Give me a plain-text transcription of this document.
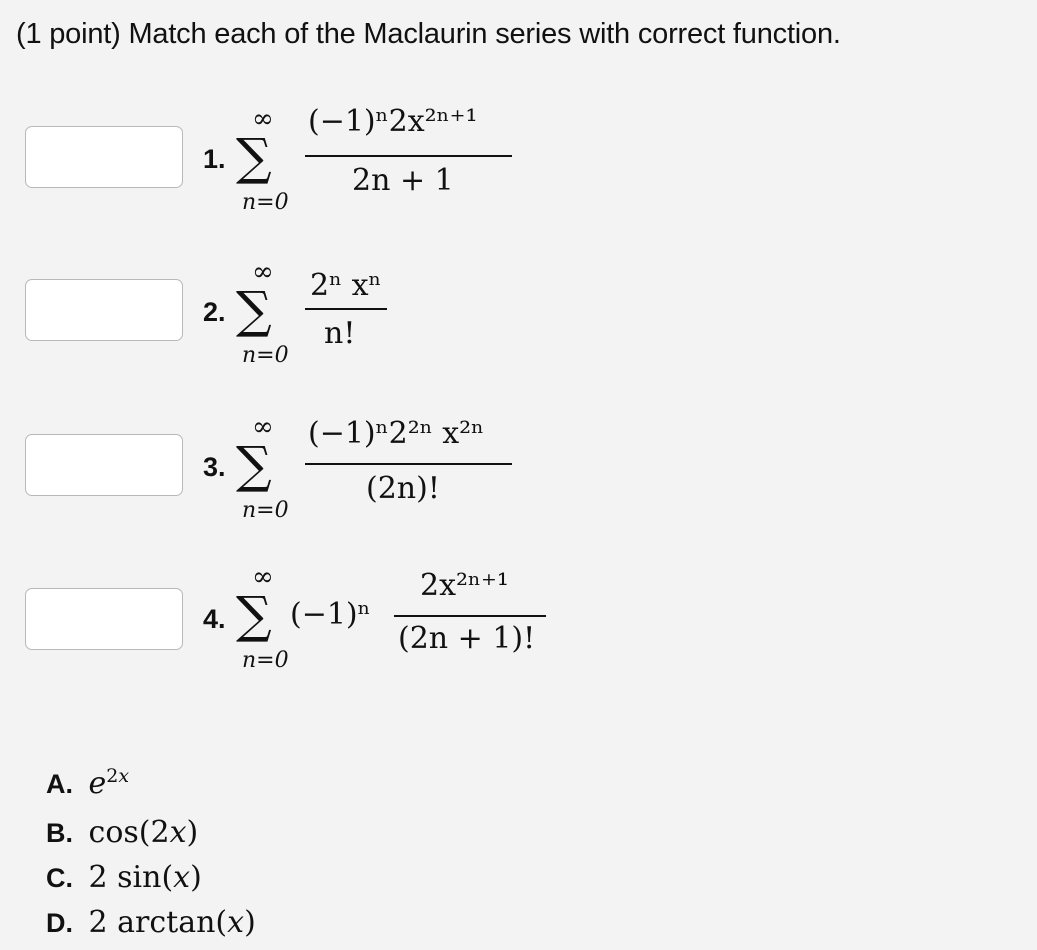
(1 point) Match each of the Maclaurin series with correct function.
1.
∞
∑
n=0
(−1)ⁿ2x²ⁿ⁺¹
2n + 1
2.
∞
∑
n=0
2ⁿ xⁿ
n!
3.
∞
∑
n=0
(−1)ⁿ2²ⁿ x²ⁿ
(2n)!
4.
∞
∑
n=0
(−1)ⁿ
2x²ⁿ⁺¹
(2n + 1)!
A. $e^{2x}$
B. cos(2x)
C. 2 sin(x)
D. 2 arctan(x)
